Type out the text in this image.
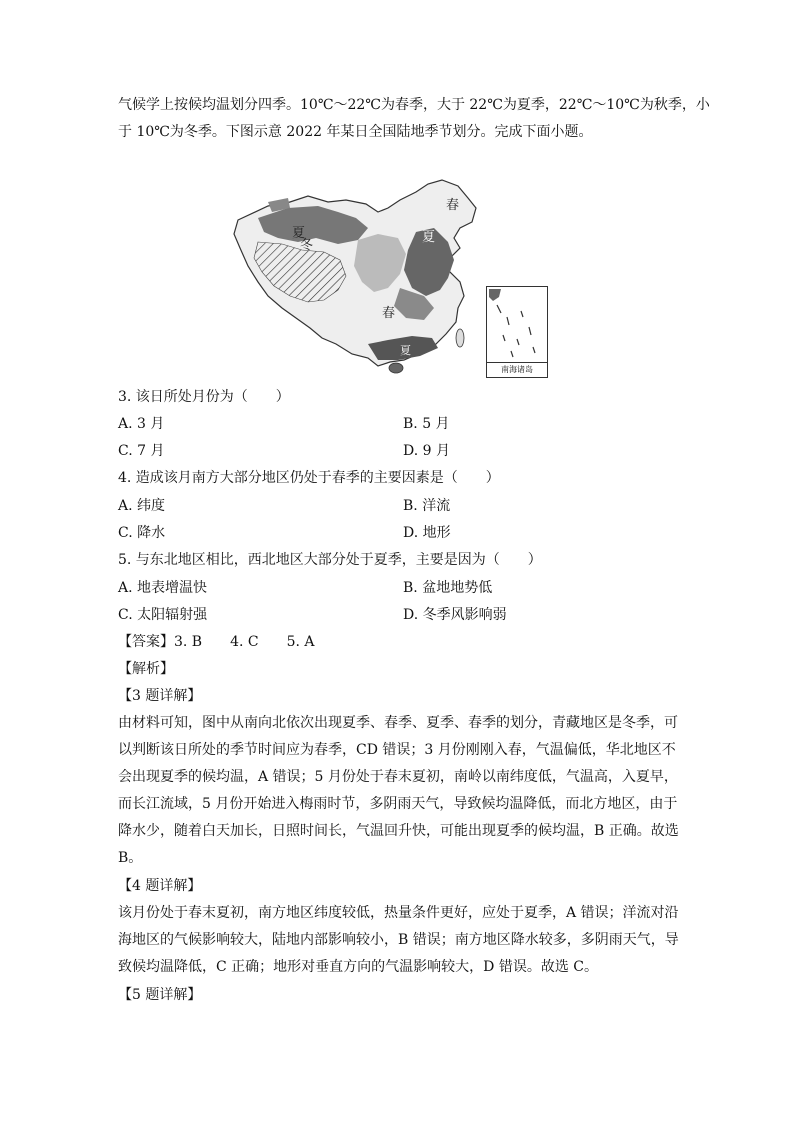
气候学上按候均温划分四季。10℃～22℃为春季，大于 22℃为夏季，22℃～10℃为秋季，小
于 10℃为冬季。下图示意 2022 年某日全国陆地季节划分。完成下面小题。
春
夏
冬
夏
春
夏
南海诸岛
3. 该日所处月份为（　　）
A. 3 月	B. 5 月
C. 7 月	D. 9 月
4. 造成该月南方大部分地区仍处于春季的主要因素是（　　）
A. 纬度	B. 洋流
C. 降水	D. 地形
5. 与东北地区相比，西北地区大部分处于夏季，主要是因为（　　）
A. 地表增温快	B. 盆地地势低
C. 太阳辐射强	D. 冬季风影响弱
【答案】3. B　　4. C　　5. A
【解析】
【3 题详解】
由材料可知，图中从南向北依次出现夏季、春季、夏季、春季的划分，青藏地区是冬季，可
以判断该日所处的季节时间应为春季，CD 错误；3 月份刚刚入春，气温偏低，华北地区不
会出现夏季的候均温，A 错误；5 月份处于春末夏初，南岭以南纬度低，气温高，入夏早，
而长江流域，5 月份开始进入梅雨时节，多阴雨天气，导致候均温降低，而北方地区，由于
降水少，随着白天加长，日照时间长，气温回升快，可能出现夏季的候均温，B 正确。故选
B。
【4 题详解】
该月份处于春末夏初，南方地区纬度较低，热量条件更好，应处于夏季，A 错误；洋流对沿
海地区的气候影响较大，陆地内部影响较小，B 错误；南方地区降水较多，多阴雨天气，导
致候均温降低，C 正确；地形对垂直方向的气温影响较大，D 错误。故选 C。
【5 题详解】
